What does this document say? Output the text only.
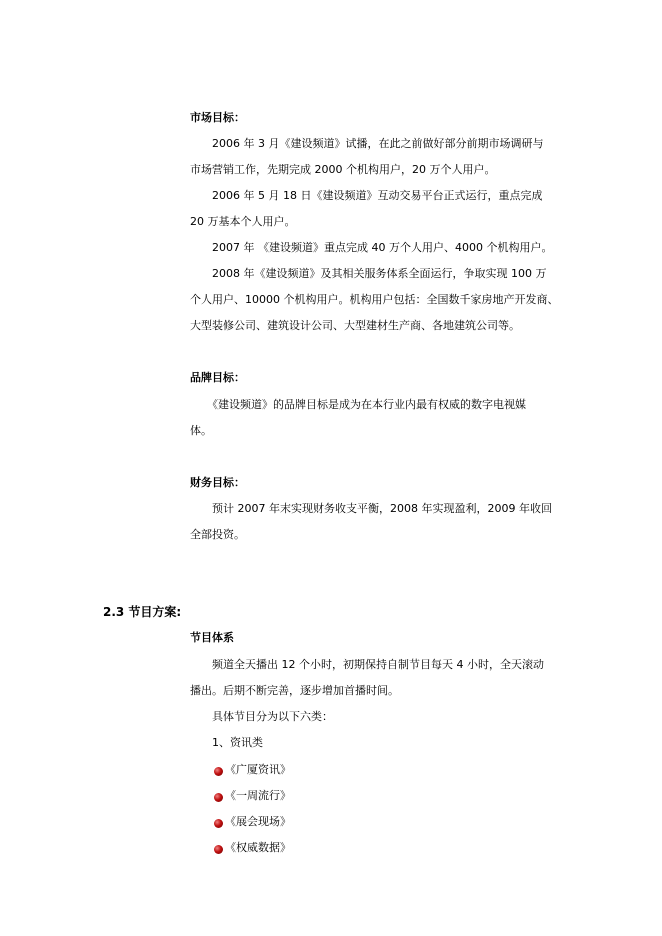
市场目标：
2006 年 3 月《建设频道》试播，在此之前做好部分前期市场调研与
市场营销工作，先期完成 2000 个机构用户，20 万个人用户。
2006 年 5 月 18 日《建设频道》互动交易平台正式运行，重点完成
20 万基本个人用户。
2007 年 《建设频道》重点完成 40 万个人用户、4000 个机构用户。
2008 年《建设频道》及其相关服务体系全面运行，争取实现 100 万
个人用户、10000 个机构用户。机构用户包括：全国数千家房地产开发商、
大型装修公司、建筑设计公司、大型建材生产商、各地建筑公司等。
品牌目标：
《建设频道》的品牌目标是成为在本行业内最有权威的数字电视媒
体。
财务目标：
预计 2007 年末实现财务收支平衡，2008 年实现盈利，2009 年收回
全部投资。
2.3 节目方案:
节目体系
频道全天播出 12 个小时，初期保持自制节目每天 4 小时，全天滚动
播出。后期不断完善，逐步增加首播时间。
具体节目分为以下六类：
1、资讯类
《广厦资讯》
《一周流行》
《展会现场》
《权威数据》
